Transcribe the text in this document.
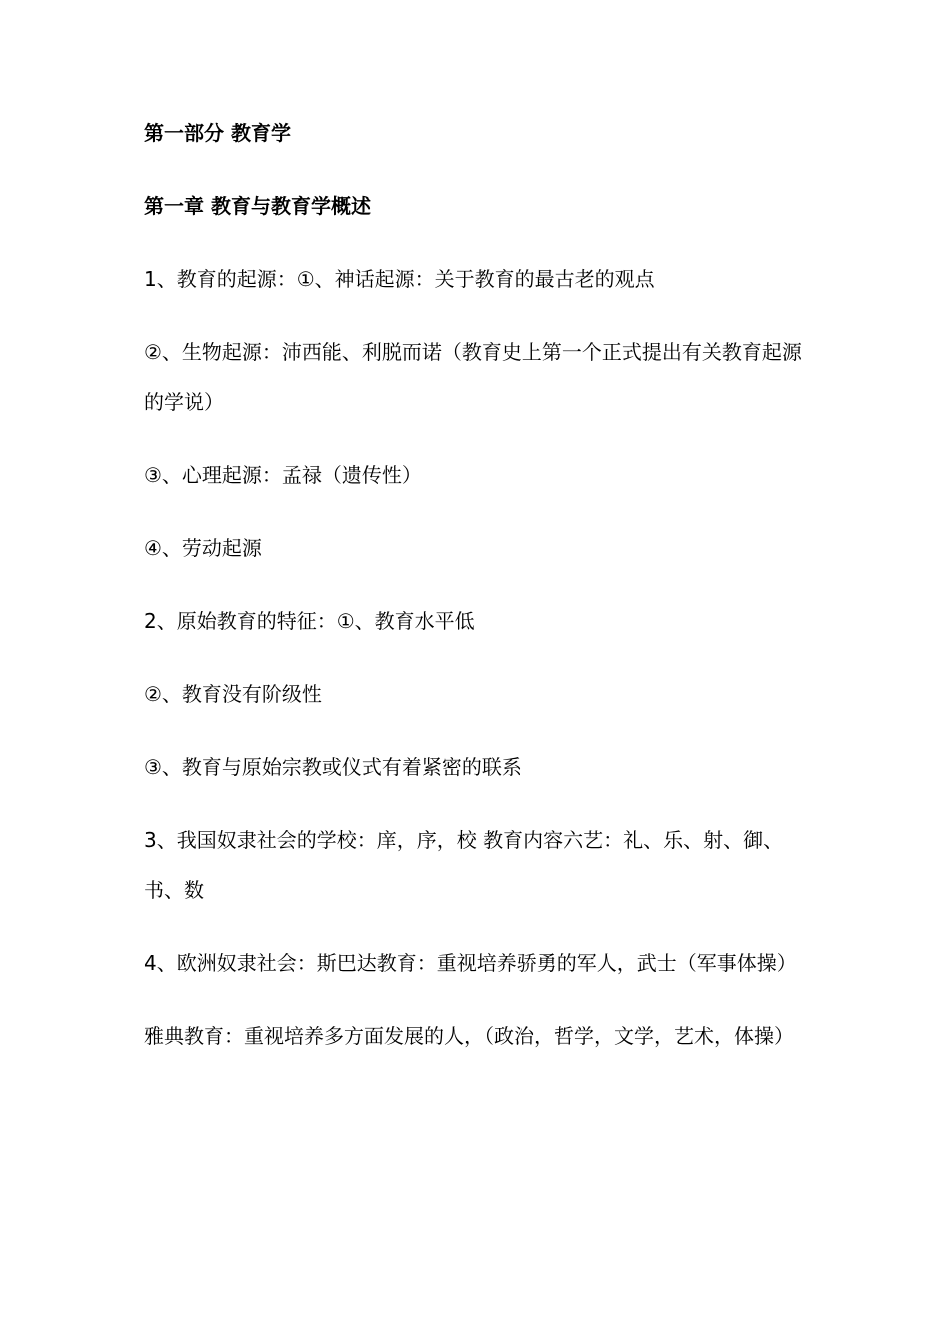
第一部分 教育学
第一章 教育与教育学概述
1、教育的起源：①、神话起源：关于教育的最古老的观点
②、生物起源：沛西能、利脱而诺（教育史上第一个正式提出有关教育起源的学说）
③、心理起源：孟禄（遗传性）
④、劳动起源
2、原始教育的特征：①、教育水平低
②、教育没有阶级性
③、教育与原始宗教或仪式有着紧密的联系
3、我国奴隶社会的学校：庠，序，校 教育内容六艺：礼、乐、射、御、书、数
4、欧洲奴隶社会：斯巴达教育：重视培养骄勇的军人，武士（军事体操）
雅典教育：重视培养多方面发展的人，（政治，哲学，文学，艺术，体操）
